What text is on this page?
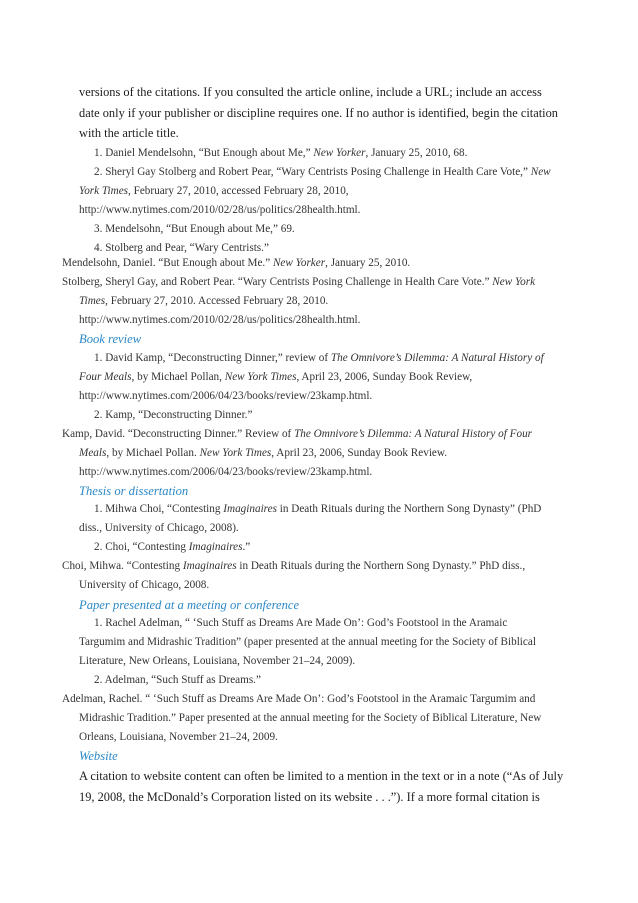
versions of the citations. If you consulted the article online, include a URL; include an access
date only if your publisher or discipline requires one. If no author is identified, begin the citation
with the article title.
1. Daniel Mendelsohn, “But Enough about Me,” New Yorker, January 25, 2010, 68.
2. Sheryl Gay Stolberg and Robert Pear, “Wary Centrists Posing Challenge in Health Care Vote,” New
York Times, February 27, 2010, accessed February 28, 2010,
http://www.nytimes.com/2010/02/28/us/politics/28health.html.
3. Mendelsohn, “But Enough about Me,” 69.
4. Stolberg and Pear, “Wary Centrists.”
Mendelsohn, Daniel. “But Enough about Me.” New Yorker, January 25, 2010.
Stolberg, Sheryl Gay, and Robert Pear. “Wary Centrists Posing Challenge in Health Care Vote.” New York
Times, February 27, 2010. Accessed February 28, 2010.
http://www.nytimes.com/2010/02/28/us/politics/28health.html.
Book review
1. David Kamp, “Deconstructing Dinner,” review of The Omnivore’s Dilemma: A Natural History of
Four Meals, by Michael Pollan, New York Times, April 23, 2006, Sunday Book Review,
http://www.nytimes.com/2006/04/23/books/review/23kamp.html.
2. Kamp, “Deconstructing Dinner.”
Kamp, David. “Deconstructing Dinner.” Review of The Omnivore’s Dilemma: A Natural History of Four
Meals, by Michael Pollan. New York Times, April 23, 2006, Sunday Book Review.
http://www.nytimes.com/2006/04/23/books/review/23kamp.html.
Thesis or dissertation
1. Mihwa Choi, “Contesting Imaginaires in Death Rituals during the Northern Song Dynasty” (PhD
diss., University of Chicago, 2008).
2. Choi, “Contesting Imaginaires.”
Choi, Mihwa. “Contesting Imaginaires in Death Rituals during the Northern Song Dynasty.” PhD diss.,
University of Chicago, 2008.
Paper presented at a meeting or conference
1. Rachel Adelman, “ ‘Such Stuff as Dreams Are Made On’: God’s Footstool in the Aramaic
Targumim and Midrashic Tradition” (paper presented at the annual meeting for the Society of Biblical
Literature, New Orleans, Louisiana, November 21–24, 2009).
2. Adelman, “Such Stuff as Dreams.”
Adelman, Rachel. “ ‘Such Stuff as Dreams Are Made On’: God’s Footstool in the Aramaic Targumim and
Midrashic Tradition.” Paper presented at the annual meeting for the Society of Biblical Literature, New
Orleans, Louisiana, November 21–24, 2009.
Website
A citation to website content can often be limited to a mention in the text or in a note (“As of July
19, 2008, the McDonald’s Corporation listed on its website . . .”). If a more formal citation is
